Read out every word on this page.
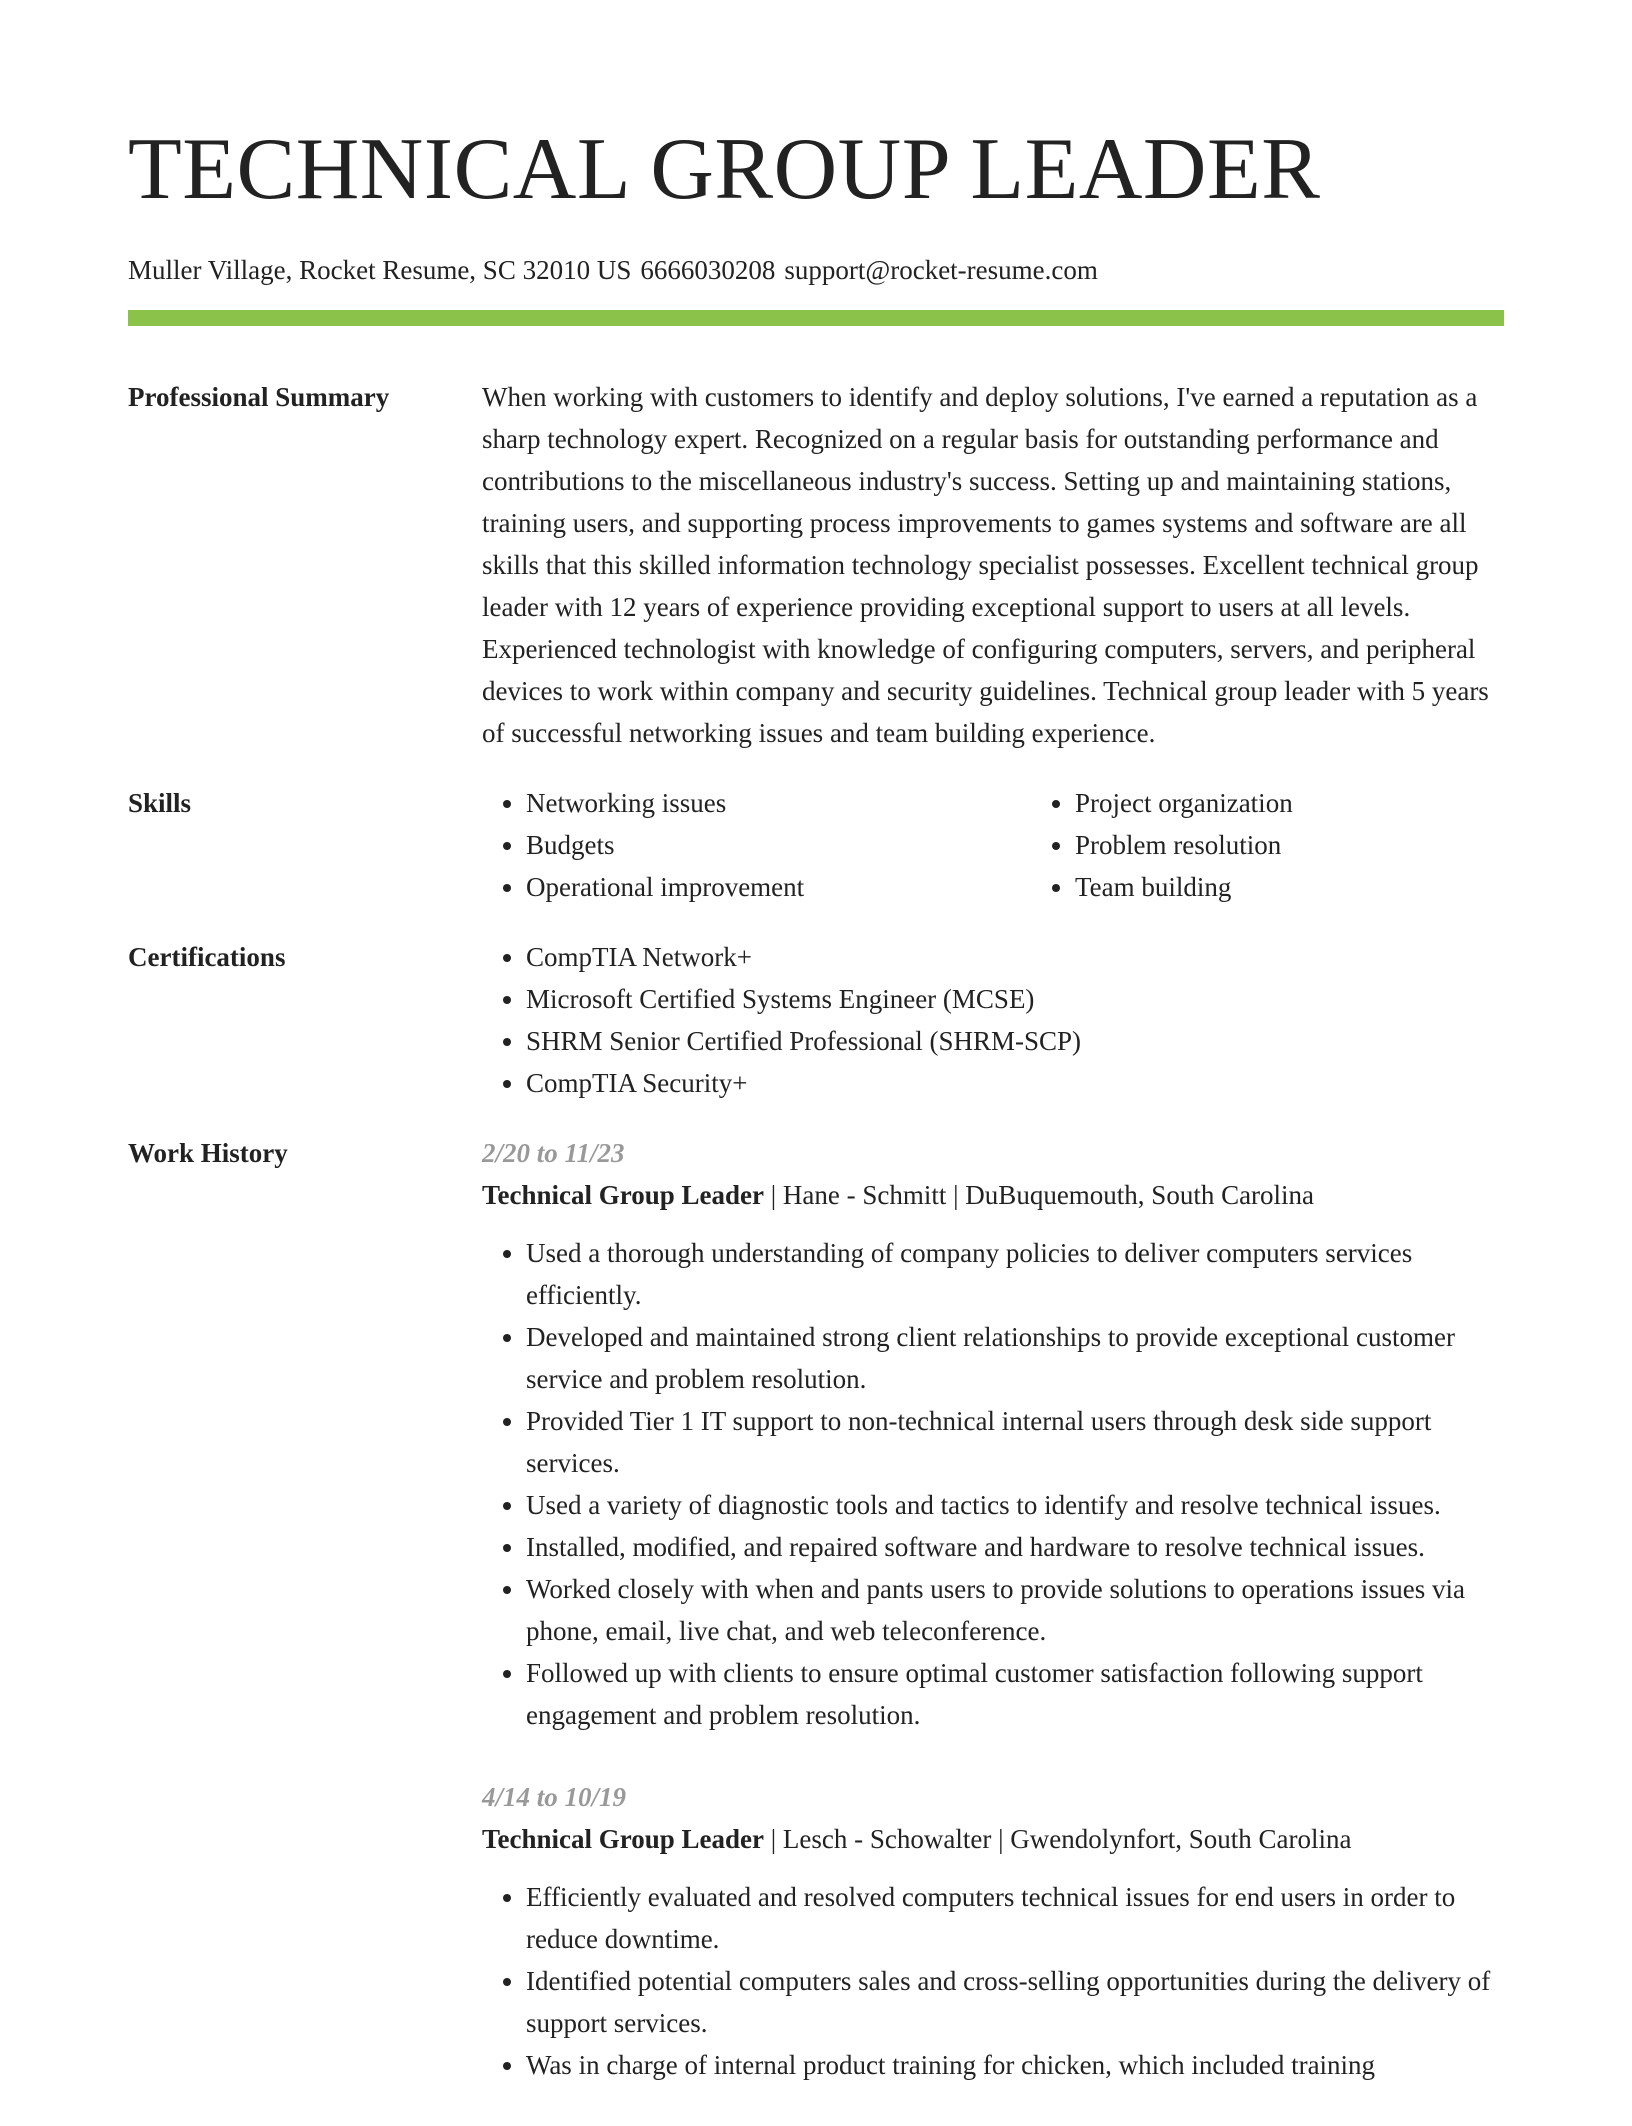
TECHNICAL GROUP LEADER
Muller Village, Rocket Resume, SC 32010 US 6666030208 support@rocket-resume.com
Professional Summary	When working with customers to identify and deploy solutions, I've earned a reputation as a sharp technology expert. Recognized on a regular basis for outstanding performance and contributions to the miscellaneous industry's success. Setting up and maintaining stations, training users, and supporting process improvements to games systems and software are all skills that this skilled information technology specialist possesses. Excellent technical group leader with 12 years of experience providing exceptional support to users at all levels. Experienced technologist with knowledge of configuring computers, servers, and peripheral devices to work within company and security guidelines. Technical group leader with 5 years of successful networking issues and team building experience.

Skills	• Networking issues
• Budgets
• Operational improvement
• Project organization
• Problem resolution
• Team building
Certifications	• CompTIA Network+
• Microsoft Certified Systems Engineer (MCSE)
• SHRM Senior Certified Professional (SHRM-SCP)
• CompTIA Security+
Work History	2/20 to 11/23
Technical Group Leader | Hane - Schmitt | DuBuquemouth, South Carolina
• Used a thorough understanding of company policies to deliver computers services efficiently.
• Developed and maintained strong client relationships to provide exceptional customer service and problem resolution.
• Provided Tier 1 IT support to non-technical internal users through desk side support services.
• Used a variety of diagnostic tools and tactics to identify and resolve technical issues.
• Installed, modified, and repaired software and hardware to resolve technical issues.
• Worked closely with when and pants users to provide solutions to operations issues via phone, email, live chat, and web teleconference.
• Followed up with clients to ensure optimal customer satisfaction following support engagement and problem resolution.
4/14 to 10/19
Technical Group Leader | Lesch - Schowalter | Gwendolynfort, South Carolina
• Efficiently evaluated and resolved computers technical issues for end users in order to reduce downtime.
• Identified potential computers sales and cross-selling opportunities during the delivery of support services.
• Was in charge of internal product training for chicken, which included training
